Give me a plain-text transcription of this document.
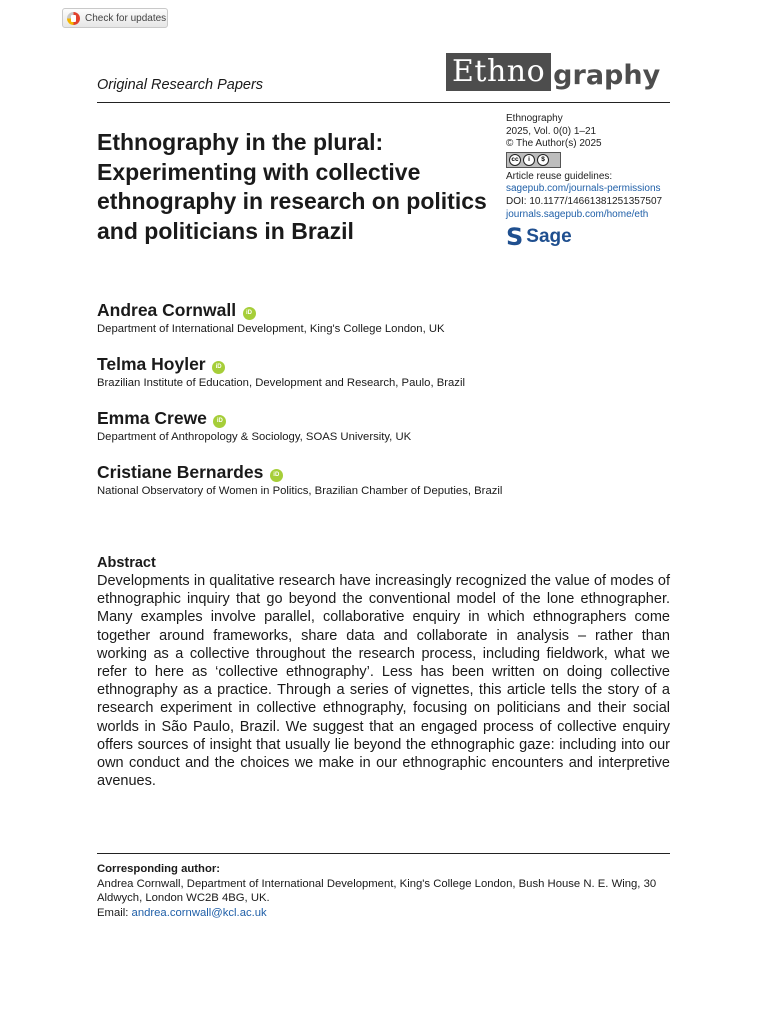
Check for updates
Original Research Papers	Ethno graphy
Ethnography in the plural: Experimenting with collective ethnography in research on politics and politicians in Brazil
Ethnography
2025, Vol. 0(0) 1–21
© The Author(s) 2025
cc	i	$
Article reuse guidelines:
sagepub.com/journals-permissions
DOI: 10.1177/14661381251357507
journals.sagepub.com/home/eth
S Sage
Andrea Cornwall iD
Department of International Development, King's College London, UK
Telma Hoyler iD
Brazilian Institute of Education, Development and Research, Paulo, Brazil
Emma Crewe iD
Department of Anthropology & Sociology, SOAS University, UK
Cristiane Bernardes iD
National Observatory of Women in Politics, Brazilian Chamber of Deputies, Brazil
Abstract

Developments in qualitative research have increasingly recognized the value of modes of ethnographic inquiry that go beyond the conventional model of the lone ethnographer. Many examples involve parallel, collaborative enquiry in which ethnographers come together around frameworks, share data and collaborate in analysis – rather than working as a collective throughout the research process, including fieldwork, what we refer to here as ‘collective ethnography’. Less has been written on doing collective ethnography as a practice. Through a series of vignettes, this article tells the story of a research experiment in collective ethnography, focusing on politicians and their social worlds in São Paulo, Brazil. We suggest that an engaged process of collective enquiry offers sources of insight that usually lie beyond the ethnographic gaze: including into our own conduct and the choices we make in our ethnographic encounters and interpretive avenues.

Corresponding author:
Andrea Cornwall, Department of International Development, King's College London, Bush House N. E. Wing, 30 Aldwych, London WC2B 4BG, UK.
Email: andrea.cornwall@kcl.ac.uk
